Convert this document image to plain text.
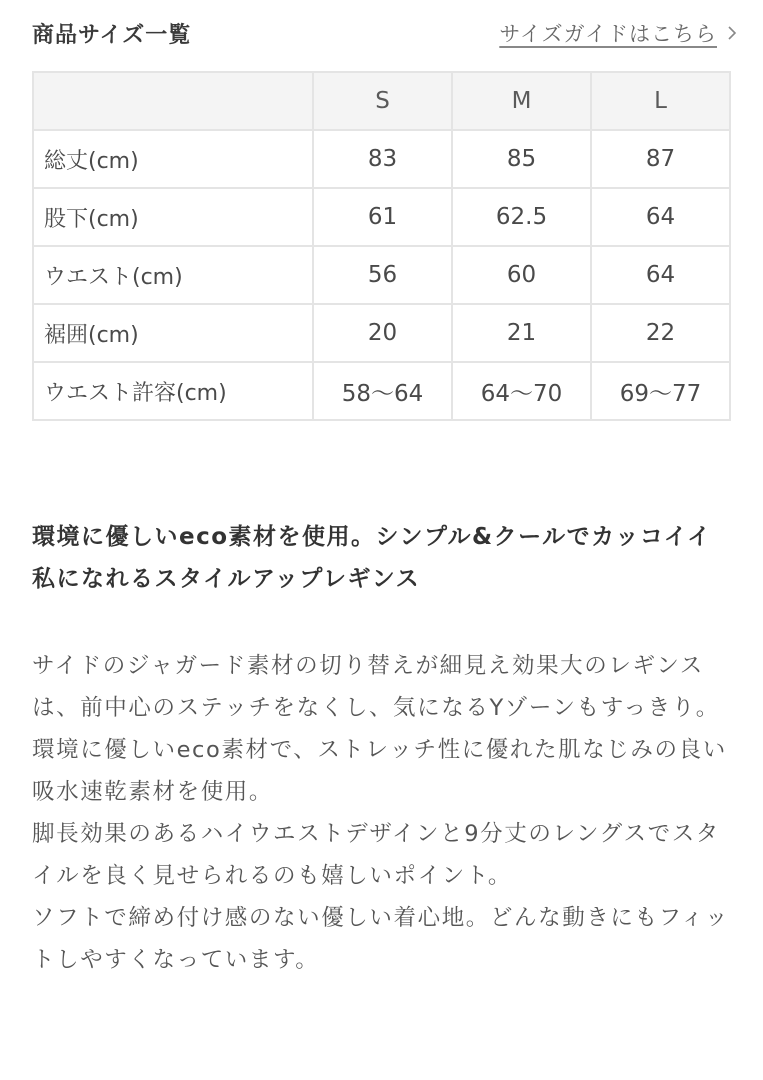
商品サイズ一覧	サイズガイドはこちら
	S	M	L
総丈(cm)	83	85	87
股下(cm)	61	62.5	64
ウエスト(cm)	56	60	64
裾囲(cm)	20	21	22
ウエスト許容(cm)	58〜64	64〜70	69〜77
環境に優しいeco素材を使用。シンプル&クールでカッコイイ私になれるスタイルアップレギンス

サイドのジャガード素材の切り替えが細見え効果大のレギンスは、前中心のステッチをなくし、気になるYゾーンもすっきり。

環境に優しいeco素材で、ストレッチ性に優れた肌なじみの良い吸水速乾素材を使用。

脚長効果のあるハイウエストデザインと9分丈のレングスでスタイルを良く見せられるのも嬉しいポイント。

ソフトで締め付け感のない優しい着心地。どんな動きにもフィットしやすくなっています。
